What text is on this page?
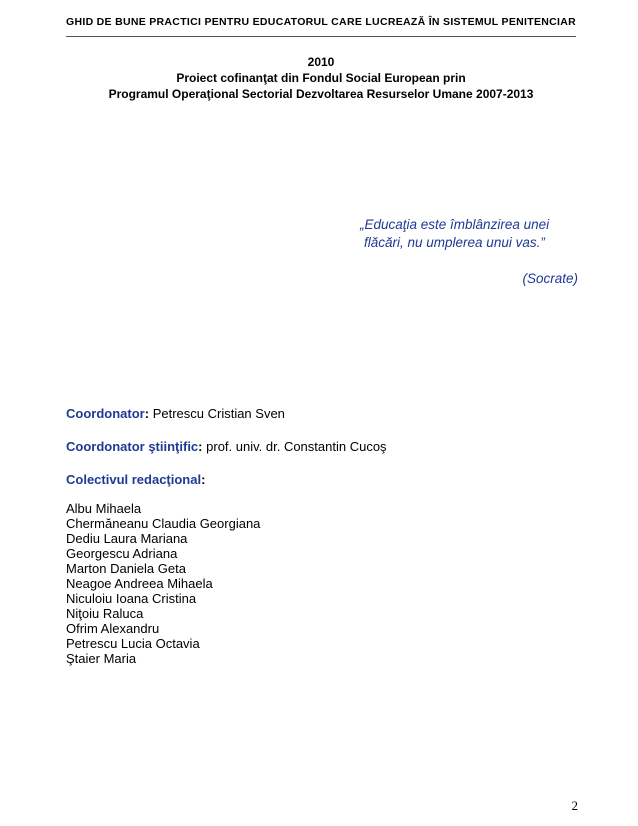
GHID DE BUNE PRACTICI PENTRU EDUCATORUL CARE LUCREAZĂ ÎN SISTEMUL PENITENCIAR
2010
Proiect cofinanţat din Fondul Social European prin
Programul Operaţional Sectorial Dezvoltarea Resurselor Umane 2007-2013
„Educaţia este îmblânzirea unei
flăcări, nu umplerea unui vas.”
(Socrate)
Coordonator: Petrescu Cristian Sven
Coordonator ştiinţific: prof. univ. dr. Constantin Cucoş
Colectivul redacţional:
Albu Mihaela
Chermăneanu Claudia Georgiana
Dediu Laura Mariana
Georgescu Adriana
Marton Daniela Geta
Neagoe Andreea Mihaela
Niculoiu Ioana Cristina
Niţoiu Raluca
Ofrim Alexandru
Petrescu Lucia Octavia
Ştaier Maria
2
